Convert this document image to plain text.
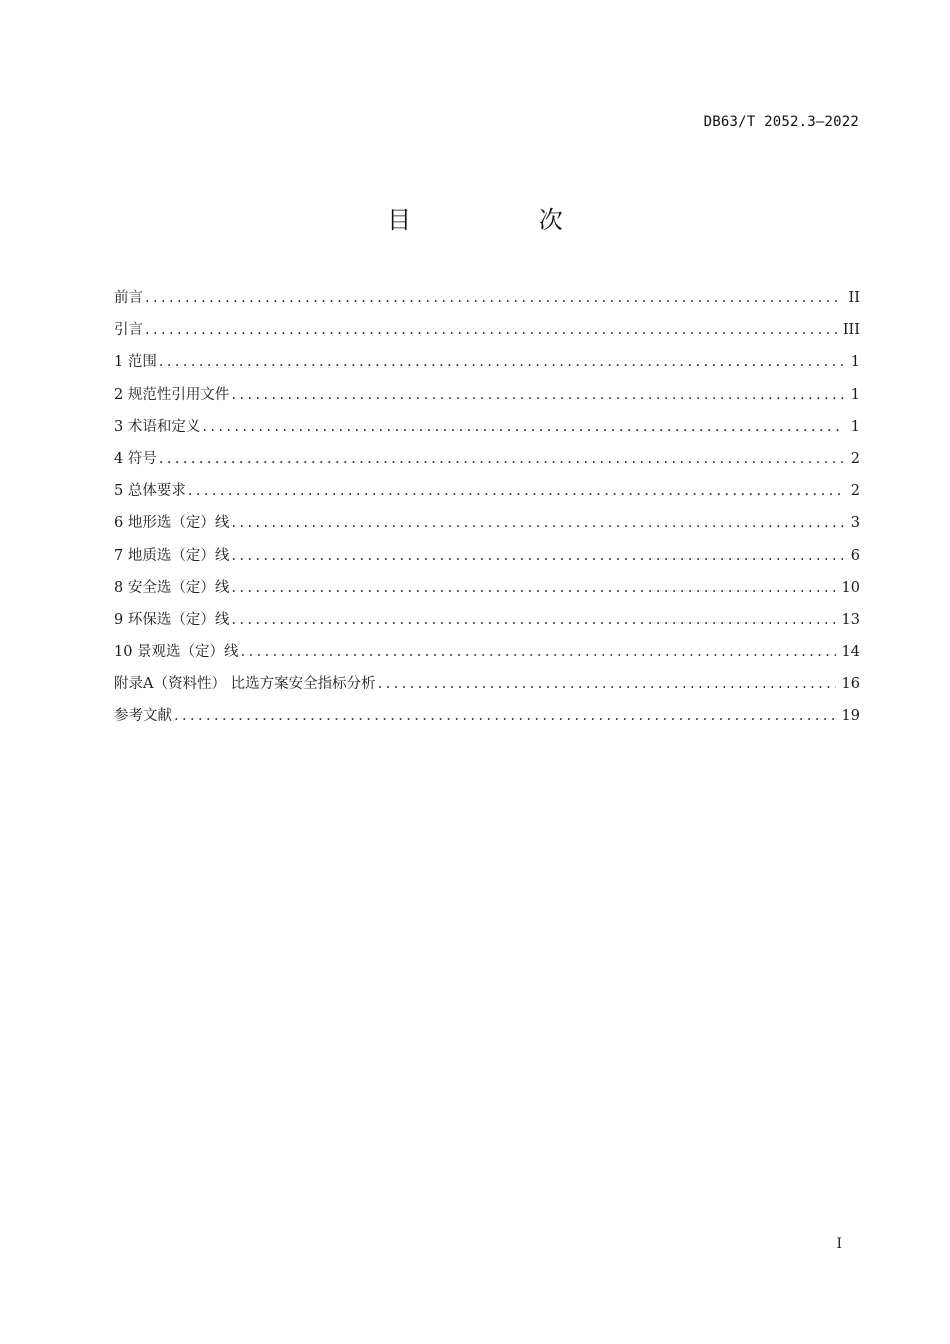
DB63/T 2052.3—2022
目 次
前言 .....	II
引言 .....	III
1 范围 .....	1
2 规范性引用文件 .....	1
3 术语和定义 .....	1
4 符号 .....	2
5 总体要求 .....	2
6 地形选（定）线 .....	3
7 地质选（定）线 .....	6
8 安全选（定）线 .....	10
9 环保选（定）线 .....	13
10 景观选（定）线 .....	14
附录A（资料性） 比选方案安全指标分析 .....	16
参考文献 .....	19
I
